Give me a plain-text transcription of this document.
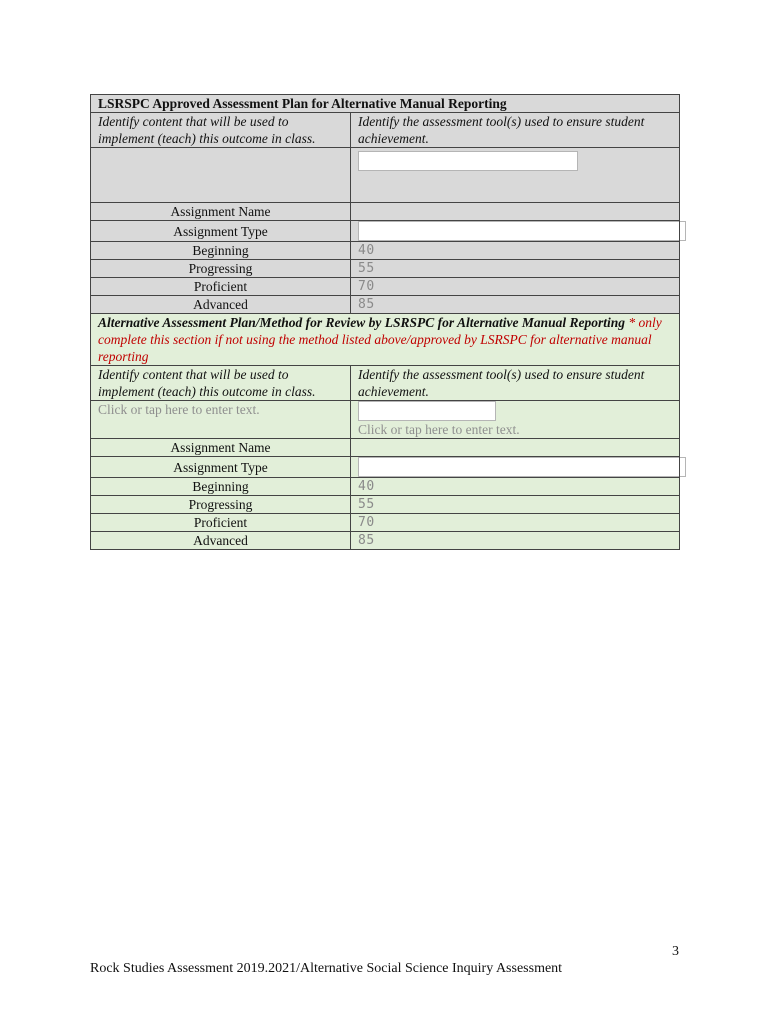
LSRSPC Approved Assessment Plan for Alternative Manual Reporting	
Identify content that will be used to implement (teach) this outcome in class.	Identify the assessment tool(s) used to ensure student achievement.

Assignment Name	
Assignment Type	

Beginning	40
Progressing	55
Proficient	70
Advanced	85
Alternative Assessment Plan/Method for Review by LSRSPC for Alternative Manual Reporting * only complete this section if not using the method listed above/approved by LSRSPC for alternative manual reporting	
Identify content that will be used to implement (teach) this outcome in class.	Identify the assessment tool(s) used to ensure student achievement.
Click or tap here to enter text.	Click or tap here to enter text.

Assignment Name	
Assignment Type	

Beginning	40
Progressing	55
Proficient	70
Advanced	85
3
Rock Studies Assessment 2019.2021/Alternative Social Science Inquiry Assessment
